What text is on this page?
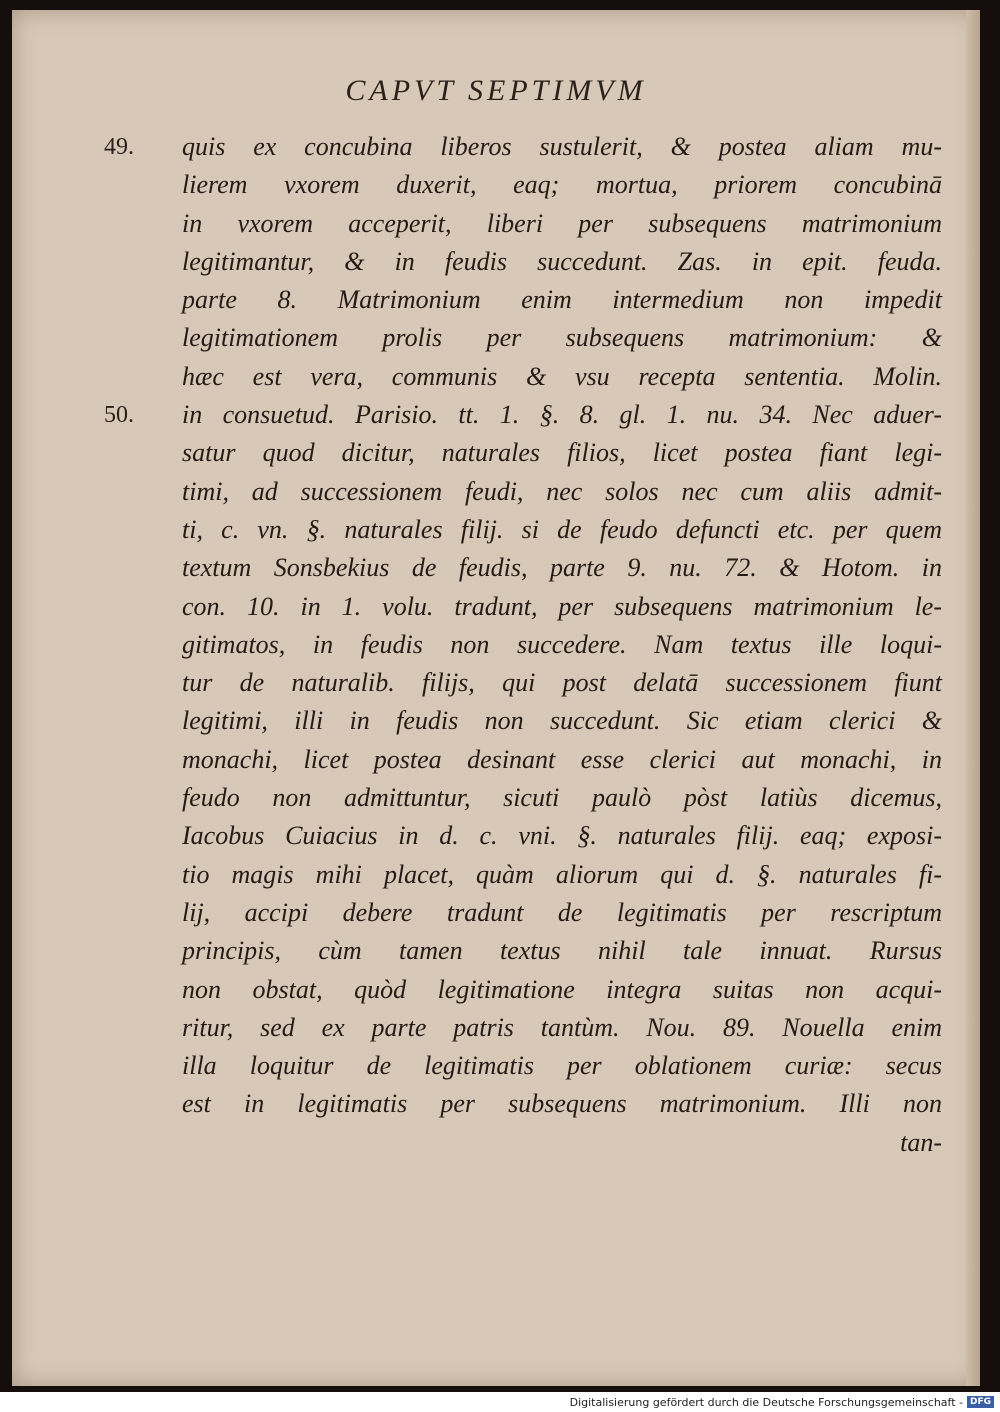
CAPVT SEPTIMVM
49. quis ex concubina liberos sustulerit, & postea aliam mu-
lierem vxorem duxerit, eaq; mortua, priorem concubinā
in vxorem acceperit, liberi per subsequens matrimonium
legitimantur, & in feudis succedunt. Zas. in epit. feuda.
parte 8. Matrimonium enim intermedium non impedit
legitimationem prolis per subsequens matrimonium: &
hæc est vera, communis & vsu recepta sententia. Molin.
50. in consuetud. Parisio. tt. 1. §. 8. gl. 1. nu. 34. Nec aduer-
satur quod dicitur, naturales filios, licet postea fiant legi-
timi, ad successionem feudi, nec solos nec cum aliis admit-
ti, c. vn. §. naturales filij. si de feudo defuncti etc. per quem
textum Sonsbekius de feudis, parte 9. nu. 72. & Hotom. in
con. 10. in 1. volu. tradunt, per subsequens matrimonium le-
gitimatos, in feudis non succedere. Nam textus ille loqui-
tur de naturalib. filijs, qui post delatā successionem fiunt
legitimi, illi in feudis non succedunt. Sic etiam clerici &
monachi, licet postea desinant esse clerici aut monachi, in
feudo non admittuntur, sicuti paulò pòst latiùs dicemus,
Iacobus Cuiacius in d. c. vni. §. naturales filij. eaq; exposi-
tio magis mihi placet, quàm aliorum qui d. §. naturales fi-
lij, accipi debere tradunt de legitimatis per rescriptum
principis, cùm tamen textus nihil tale innuat. Rursus
non obstat, quòd legitimatione integra suitas non acqui-
ritur, sed ex parte patris tantùm. Nou. 89. Nouella enim
illa loquitur de legitimatis per oblationem curiæ: secus
est in legitimatis per subsequens matrimonium. Illi non
tan-
Digitalisierung gefördert durch die Deutsche Forschungsgemeinschaft - DFG
